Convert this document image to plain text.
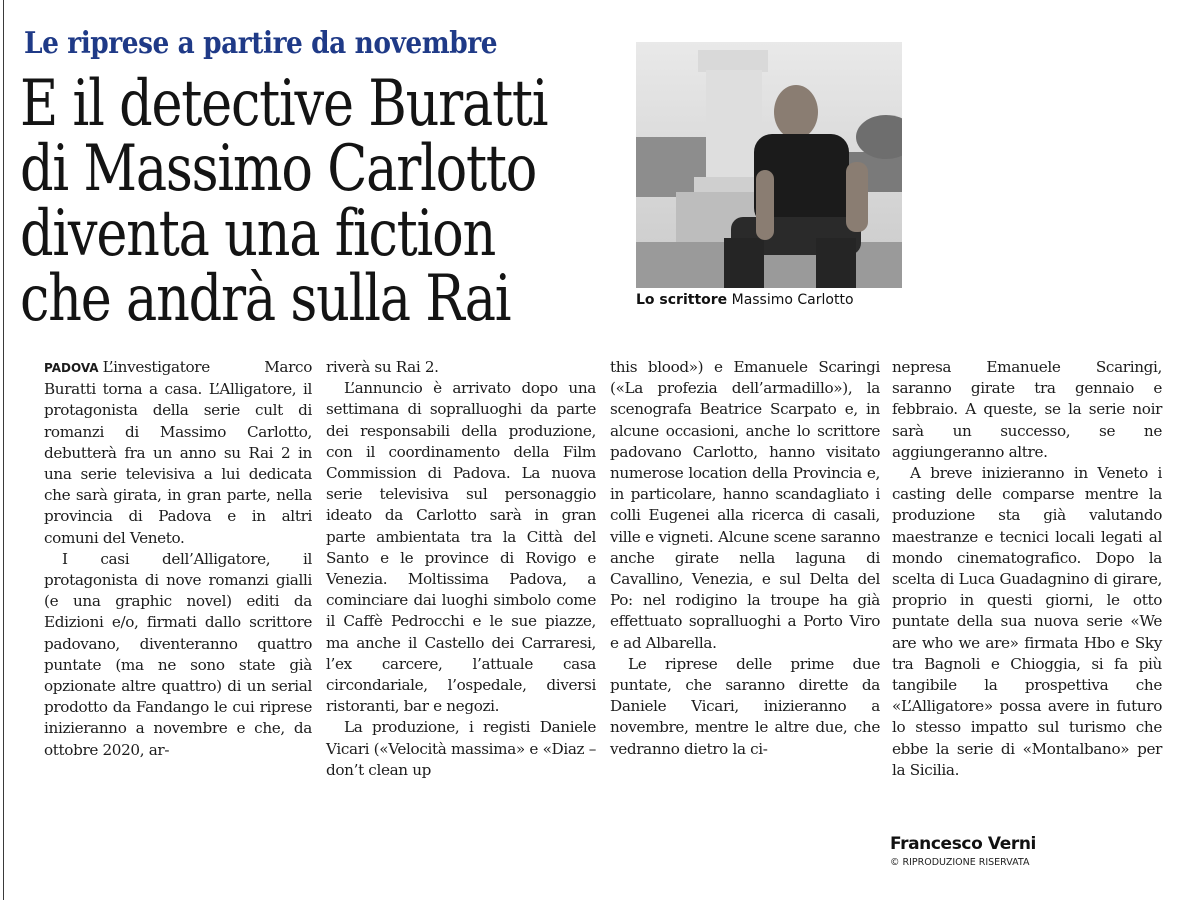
Le riprese a partire da novembre
E il detective Buratti
di Massimo Carlotto
diventa una fiction
che andrà sulla Rai	Lo scrittore Massimo Carlotto

PADOVA L’investigatore Marco Buratti torna a casa. L’Alligatore, il protagonista della serie cult di romanzi di Massimo Carlotto, debutterà fra un anno su Rai 2 in una serie televisiva a lui dedicata che sarà girata, in gran parte, nella provincia di Padova e in altri comuni del Veneto.

I casi dell’Alligatore, il protagonista di nove romanzi gialli (e una graphic novel) editi da Edizioni e/o, firmati dallo scrittore padovano, diventeranno quattro puntate (ma ne sono state già opzionate altre quattro) di un serial prodotto da Fandango le cui riprese inizieranno a novembre e che, da ottobre 2020, ar-

riverà su Rai 2.

L’annuncio è arrivato dopo una settimana di sopralluoghi da parte dei responsabili della produzione, con il coordinamento della Film Commission di Padova. La nuova serie televisiva sul personaggio ideato da Carlotto sarà in gran parte ambientata tra la Città del Santo e le province di Rovigo e Venezia. Moltissima Padova, a cominciare dai luoghi simbolo come il Caffè Pedrocchi e le sue piazze, ma anche il Castello dei Carraresi, l’ex carcere, l’attuale casa circondariale, l’ospedale, diversi ristoranti, bar e negozi.

La produzione, i registi Daniele Vicari («Velocità massima» e «Diaz – don’t clean up

this blood») e Emanuele Scaringi («La profezia dell’armadillo»), la scenografa Beatrice Scarpato e, in alcune occasioni, anche lo scrittore padovano Carlotto, hanno visitato numerose location della Provincia e, in particolare, hanno scandagliato i colli Eugenei alla ricerca di casali, ville e vigneti. Alcune scene saranno anche girate nella laguna di Cavallino, Venezia, e sul Delta del Po: nel rodigino la troupe ha già effettuato sopralluoghi a Porto Viro e ad Albarella.

Le riprese delle prime due puntate, che saranno dirette da Daniele Vicari, inizieranno a novembre, mentre le altre due, che vedranno dietro la ci-

nepresa Emanuele Scaringi, saranno girate tra gennaio e febbraio. A queste, se la serie noir sarà un successo, se ne aggiungeranno altre.

A breve inizieranno in Veneto i casting delle comparse mentre la produzione sta già valutando maestranze e tecnici locali legati al mondo cinematografico. Dopo la scelta di Luca Guadagnino di girare, proprio in questi giorni, le otto puntate della sua nuova serie «We are who we are» firmata Hbo e Sky tra Bagnoli e Chioggia, si fa più tangibile la prospettiva che «L’Alligatore» possa avere in futuro lo stesso impatto sul turismo che ebbe la serie di «Montalbano» per la Sicilia.

Francesco Verni
© RIPRODUZIONE RISERVATA
